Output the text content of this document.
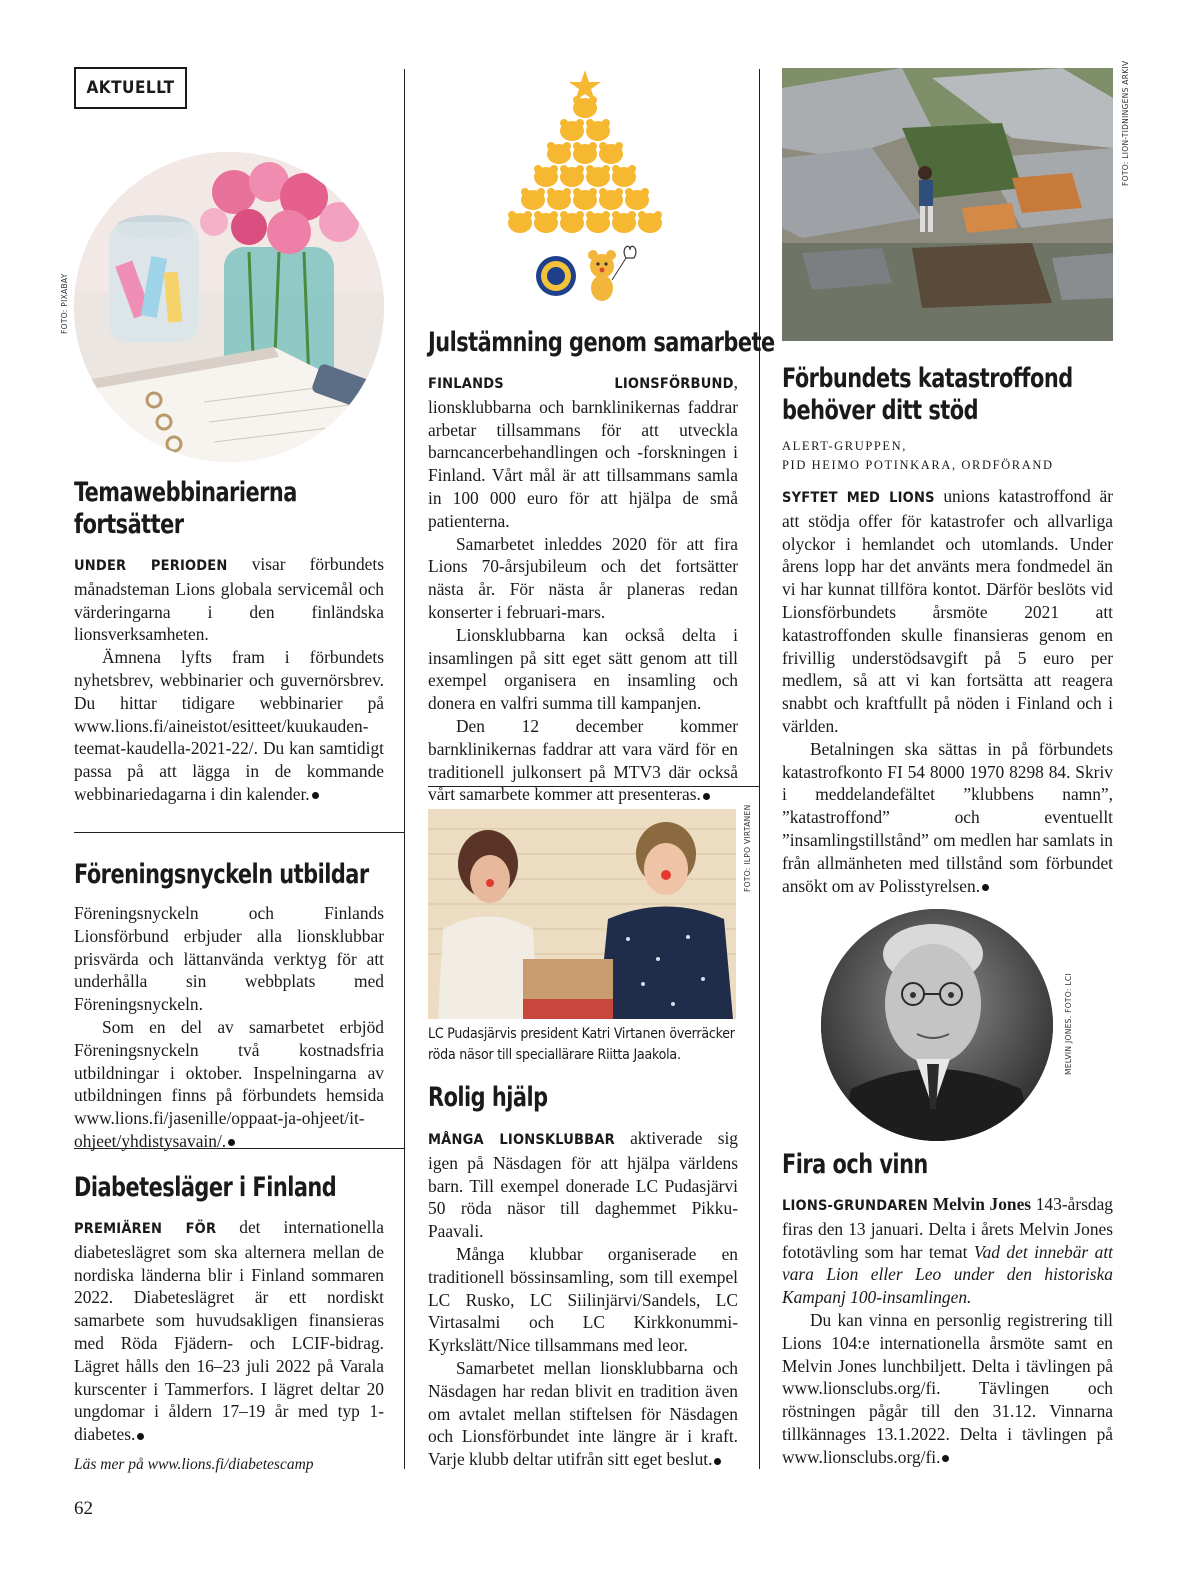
AKTUELLT
FOTO: PIXABAY
Temawebbinarierna
fortsätter

UNDER PERIODEN visar förbundets månadsteman Lions globala servicemål och värderingarna i den finländska lionsverksamheten.

Ämnena lyfts fram i förbundets nyhetsbrev, webbinarier och guvernörsbrev. Du hittar tidigare webbinarier på www.lions.fi/aineistot/esitteet/kuukauden-teemat-kaudella-2021-22/. Du kan samtidigt passa på att lägga in de kommande webbinariedagarna i din kalender.

Föreningsnyckeln utbildar

Föreningsnyckeln och Finlands Lionsförbund erbjuder alla lionsklubbar prisvärda och lättanvända verktyg för att underhålla sin webbplats med Föreningsnyckeln.

Som en del av samarbetet erbjöd Föreningsnyckeln två kostnadsfria utbildningar i oktober. Inspelningarna av utbildningen finns på förbundets hemsida www.lions.fi/jasenille/oppaat-ja-ohjeet/it-ohjeet/yhdistysavain/.

Diabetesläger i Finland

PREMIÄREN FÖR det internationella diabeteslägret som ska alternera mellan de nordiska länderna blir i Finland sommaren 2022. Diabeteslägret är ett nordiskt samarbete som huvudsakligen finansieras med Röda Fjädern- och LCIF-bidrag. Lägret hålls den 16–23 juli 2022 på Varala kurscenter i Tammerfors. I lägret deltar 20 ungdomar i åldern 17–19 år med typ 1-diabetes.

Läs mer på www.lions.fi/diabetescamp
62
Julstämning genom samarbete

FINLANDS LIONSFÖRBUND, lionsklubbarna och barnklinikernas faddrar arbetar tillsammans för att utveckla barncancerbehandlingen och -forskningen i Finland. Vårt mål är att tillsammans samla in 100 000 euro för att hjälpa de små patienterna.

Samarbetet inleddes 2020 för att fira Lions 70-årsjubileum och det fortsätter nästa år. För nästa år planeras redan konserter i februari-mars.

Lionsklubbarna kan också delta i insamlingen på sitt eget sätt genom att till exempel organisera en insamling och donera en valfri summa till kampanjen.

Den 12 december kommer barnklinikernas faddrar att vara värd för en traditionell julkonsert på MTV3 där också vårt samarbete kommer att presenteras.

FOTO: ILPO VIRTANEN
LC Pudasjärvis president Katri Virtanen överräcker röda näsor till speciallärare Riitta Jaakola.
Rolig hjälp

MÅNGA LIONSKLUBBAR aktiverade sig igen på Näsdagen för att hjälpa världens barn. Till exempel donerade LC Pudasjärvi 50 röda näsor till daghemmet Pikku-Paavali.

Många klubbar organiserade en traditionell bössinsamling, som till exempel LC Rusko, LC Siilinjärvi/Sandels, LC Virtasalmi och LC Kirkkonummi-Kyrkslätt/Nice tillsammans med leor.

Samarbetet mellan lionsklubbarna och Näsdagen har redan blivit en tradition även om avtalet mellan stiftelsen för Näsdagen och Lionsförbundet inte längre är i kraft. Varje klubb deltar utifrån sitt eget beslut.

FOTO: LION-TIDNINGENS ARKIV
Förbundets katastroffond
behöver ditt stöd
ALERT-GRUPPEN,
PID HEIMO POTINKARA, ORDFÖRAND

SYFTET MED LIONS unions katastroffond är att stödja offer för katastrofer och allvarliga olyckor i hemlandet och utomlands. Under årens lopp har det använts mera fondmedel än vi har kunnat tillföra kontot. Därför beslöts vid Lionsförbundets årsmöte 2021 att katastroffonden skulle finansieras genom en frivillig understödsavgift på 5 euro per medlem, så att vi kan fortsätta att reagera snabbt och kraftfullt på nöden i Finland och i världen.

Betalningen ska sättas in på förbundets katastrofkonto FI 54 8000 1970 8298 84. Skriv i meddelandefältet ”klubbens namn”, ”katastroffond” och eventuellt ”insamlingstillstånd” om medlen har samlats in från allmänheten med tillstånd som förbundet ansökt om av Polisstyrelsen.

MELVIN JONES. FOTO: LCI
Fira och vinn

LIONS-GRUNDAREN Melvin Jones 143-årsdag firas den 13 januari. Delta i årets Melvin Jones fototävling som har temat Vad det innebär att vara Lion eller Leo under den historiska Kampanj 100-insamlingen.

Du kan vinna en personlig registrering till Lions 104:e internationella årsmöte samt en Melvin Jones lunchbiljett. Delta i tävlingen på www.lionsclubs.org/fi. Tävlingen och röstningen pågår till den 31.12. Vinnarna tillkännages 13.1.2022. Delta i tävlingen på www.lionsclubs.org/fi.
